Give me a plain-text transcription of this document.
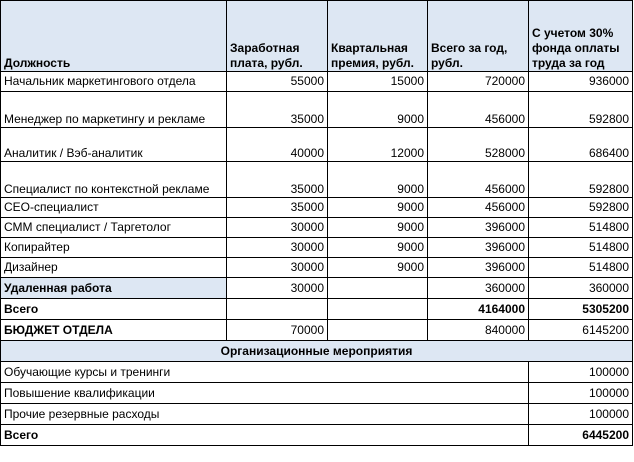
Должность	Заработная плата, рубл.	Квартальная премия, рубл.	Всего за год, рубл.	С учетом 30% фонда оплаты труда за год
Начальник маркетингового отдела	55000	15000	720000	936000
Менеджер по маркетингу и рекламе	35000	9000	456000	592800
Аналитик / Вэб-аналитик	40000	12000	528000	686400
Специалист по контекстной рекламе	35000	9000	456000	592800
СЕО-специалист	35000	9000	456000	592800
СММ специалист / Таргетолог	30000	9000	396000	514800
Копирайтер	30000	9000	396000	514800
Дизайнер	30000	9000	396000	514800
Удаленная работа	30000		360000	360000
Всего			4164000	5305200
БЮДЖЕТ ОТДЕЛА	70000		840000	6145200
Организационные мероприятия				
Обучающие курсы и тренинги				100000
Повышение квалификации				100000
Прочие резервные расходы				100000
Всего				6445200
